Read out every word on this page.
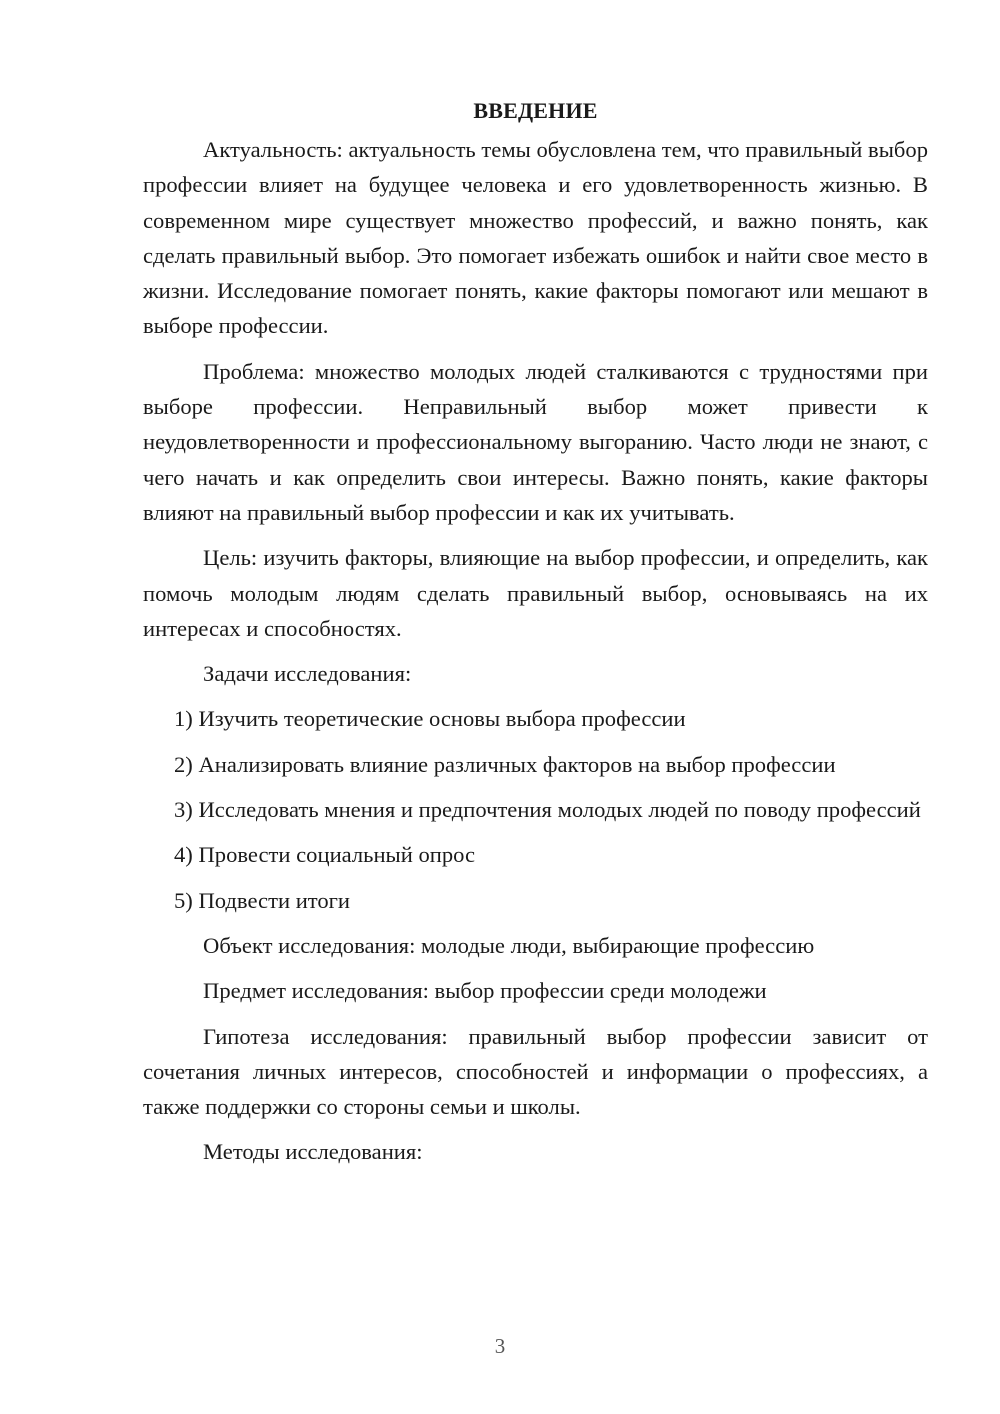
ВВЕДЕНИЕ

Актуальность: актуальность темы обусловлена тем, что правильный выбор профессии влияет на будущее человека и его удовлетворенность жизнью. В современном мире существует множество профессий, и важно понять, как сделать правильный выбор. Это помогает избежать ошибок и найти свое место в жизни. Исследование помогает понять, какие факторы помогают или мешают в выборе профессии.

Проблема: множество молодых людей сталкиваются с трудностями при выборе профессии. Неправильный выбор может привести к неудовлетворенности и профессиональному выгоранию. Часто люди не знают, с чего начать и как определить свои интересы. Важно понять, какие факторы влияют на правильный выбор профессии и как их учитывать.

Цель: изучить факторы, влияющие на выбор профессии, и определить, как помочь молодым людям сделать правильный выбор, основываясь на их интересах и способностях.

Задачи исследования:

1) Изучить теоретические основы выбора профессии

2) Анализировать влияние различных факторов на выбор профессии

3) Исследовать мнения и предпочтения молодых людей по поводу профессий

4) Провести социальный опрос

5) Подвести итоги

Объект исследования: молодые люди, выбирающие профессию

Предмет исследования: выбор профессии среди молодежи

Гипотеза исследования: правильный выбор профессии зависит от сочетания личных интересов, способностей и информации о профессиях, а также поддержки со стороны семьи и школы.

Методы исследования:

3
